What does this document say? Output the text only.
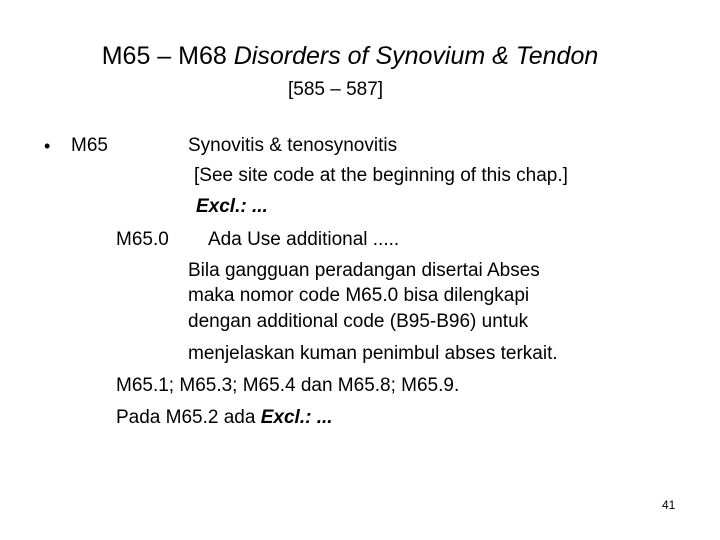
M65 – M68 Disorders of Synovium & Tendon
[585 – 587]
• M65	Synovitis & tenosynovitis
[See site code at the beginning of this chap.]
Excl.: ...
M65.0 Ada Use additional .....
Bila gangguan peradangan disertai Abses
maka nomor code M65.0 bisa dilengkapi
dengan additional code (B95-B96) untuk
menjelaskan kuman penimbul abses terkait.
M65.1; M65.3; M65.4 dan M65.8; M65.9.
Pada M65.2 ada Excl.: ...
41
